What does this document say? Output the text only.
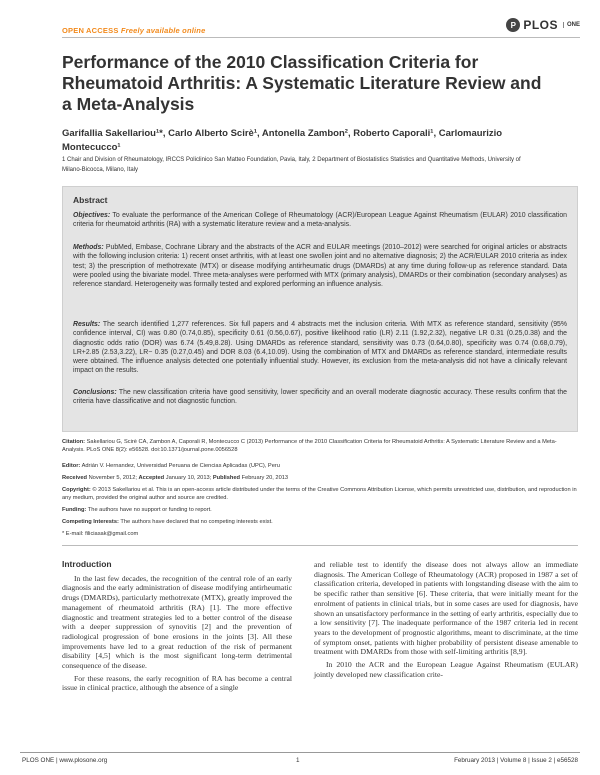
OPEN ACCESS Freely available online
P PLOS	ONE
Performance of the 2010 Classification Criteria for Rheumatoid Arthritis: A Systematic Literature Review and a Meta-Analysis
Garifallia Sakellariou¹*, Carlo Alberto Scirè¹, Antonella Zambon², Roberto Caporali¹, Carlomaurizio Montecucco¹
1 Chair and Division of Rheumatology, IRCCS Policlinico San Matteo Foundation, Pavia, Italy, 2 Department of Biostatistics Statistics and Quantitative Methods, University of Milano-Bicocca, Milano, Italy
Abstract
Objectives: To evaluate the performance of the American College of Rheumatology (ACR)/European League Against Rheumatism (EULAR) 2010 classification criteria for rheumatoid arthritis (RA) with a systematic literature review and a meta-analysis.
Methods: PubMed, Embase, Cochrane Library and the abstracts of the ACR and EULAR meetings (2010–2012) were searched for original articles or abstracts with the following inclusion criteria: 1) recent onset arthritis, with at least one swollen joint and no alternative diagnosis; 2) the ACR/EULAR 2010 criteria as index test; 3) the prescription of methotrexate (MTX) or disease modifying antirheumatic drugs (DMARDs) at any time during follow-up as reference standard. Data were pooled using the bivariate model. Three meta-analyses were performed with MTX (primary analysis), DMARDs or their combination (secondary analyses) as reference standard. Heterogeneity was formally tested and explored performing an influence analysis.
Results: The search identified 1,277 references. Six full papers and 4 abstracts met the inclusion criteria. With MTX as reference standard, sensitivity (95% confidence interval, CI) was 0.80 (0.74,0.85), specificity 0.61 (0.56,0.67), positive likelihood ratio (LR) 2.11 (1.92,2.32), negative LR 0.31 (0.25,0.38) and the diagnostic odds ratio (DOR) was 6.74 (5.49,8.28). Using DMARDs as reference standard, sensitivity was 0.73 (0.64,0.80), specificity was 0.74 (0.68,0.79), LR+2.85 (2.53,3.22), LR− 0.35 (0.27,0.45) and DOR 8.03 (6.4,10.09). Using the combination of MTX and DMARDs as reference standard, intermediate results were obtained. The influence analysis detected one potentially influential study. However, its exclusion from the meta-analysis did not have a clinically relevant impact on the results.
Conclusions: The new classification criteria have good sensitivity, lower specificity and an overall moderate diagnostic accuracy. These results confirm that the criteria have classificative and not diagnostic function.
Citation: Sakellariou G, Scirè CA, Zambon A, Caporali R, Montecucco C (2013) Performance of the 2010 Classification Criteria for Rheumatoid Arthritis: A Systematic Literature Review and a Meta-Analysis. PLoS ONE 8(2): e56528. doi:10.1371/journal.pone.0056528
Editor: Adrián V. Hernandez, Universidad Peruana de Ciencias Aplicadas (UPC), Peru
Received November 5, 2012; Accepted January 10, 2013; Published February 20, 2013
Copyright: © 2013 Sakellariou et al. This is an open-access article distributed under the terms of the Creative Commons Attribution License, which permits unrestricted use, distribution, and reproduction in any medium, provided the original author and source are credited.
Funding: The authors have no support or funding to report.
Competing Interests: The authors have declared that no competing interests exist.
* E-mail: filiciasak@gmail.com
Introduction

In the last few decades, the recognition of the central role of an early diagnosis and the early administration of disease modifying antirheumatic drugs (DMARDs), particularly methotrexate (MTX), greatly improved the management of rheumatoid arthritis (RA) [1]. The more effective diagnostic and treatment strategies led to a better control of the disease with a deeper suppression of synovitis [2] and the prevention of radiological progression of bone erosions in the joints [3]. All these improvements have led to a great reduction of the risk of permanent disability [4,5] which is the most significant long-term detrimental consequence of the disease.

For these reasons, the early recognition of RA has become a central issue in clinical practice, although the absence of a single

and reliable test to identify the disease does not always allow an immediate diagnosis. The American College of Rheumatology (ACR) proposed in 1987 a set of classification criteria, developed in patients with longstanding disease with the aim to be specific rather than sensitive [6]. These criteria, that were initially meant for the enrolment of patients in clinical trials, but in some cases are used for diagnosis, have shown an unsatisfactory performance in the setting of early arthritis, especially due to a low sensitivity [7]. The inadequate performance of the 1987 criteria led in recent years to the development of prognostic algorithms, meant to discriminate, at the time of symptom onset, patients with higher probability of persistent disease amenable to treatment with DMARDs from those with self-limiting arthritis [8,9].

In 2010 the ACR and the European League Against Rheumatism (EULAR) jointly developed new classification crite-

PLOS ONE | www.plosone.org	1	February 2013 | Volume 8 | Issue 2 | e56528
